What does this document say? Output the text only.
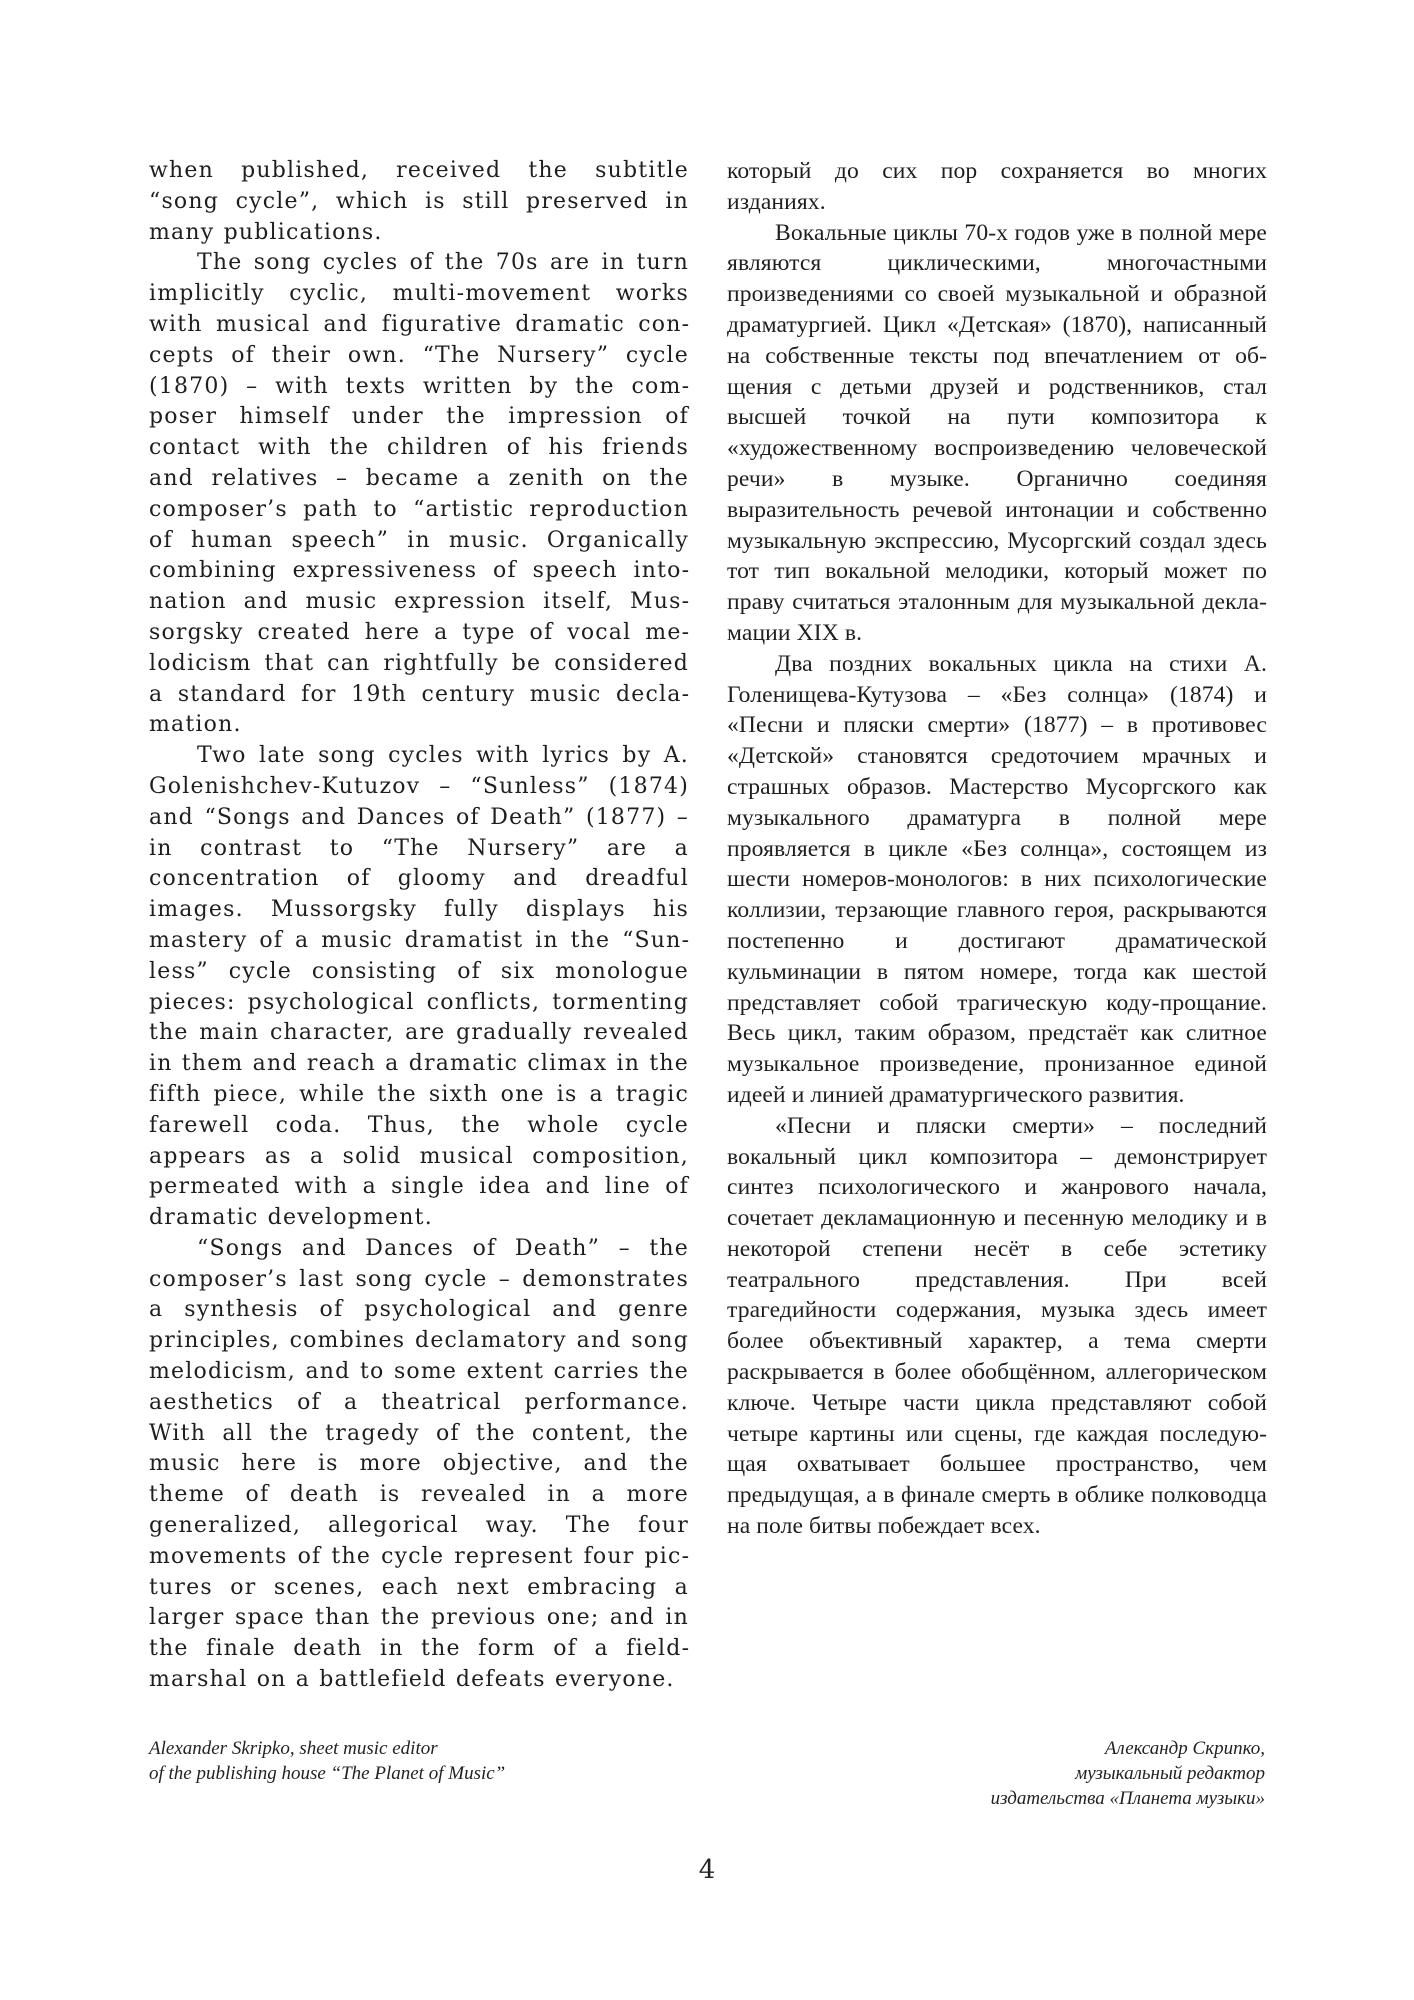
when published, received the subtitle “song cycle”, which is still preserved in many publications.

The song cycles of the 70s are in turn implicitly cyclic, multi-movement works with musical and figurative dramatic concepts of their own. “The Nursery” cycle (1870) – with texts written by the composer himself under the impression of contact with the children of his friends and relatives – became a zenith on the composer’s path to “artistic reproduction of human speech” in music. Organically combining expressiveness of speech intonation and music expression itself, Mussorgsky created here a type of vocal melodicism that can rightfully be considered a standard for 19th century music declamation.

Two late song cycles with lyrics by A. Golenishchev-Kutuzov – “Sunless” (1874) and “Songs and Dances of Death” (1877) – in contrast to “The Nursery” are a concentration of gloomy and dreadful images. Mussorgsky fully displays his mastery of a music dramatist in the “Sunless” cycle consisting of six monologue pieces: psychological conflicts, tormenting the main character, are gradually revealed in them and reach a dramatic climax in the fifth piece, while the sixth one is a tragic farewell coda. Thus, the whole cycle appears as a solid musical composition, permeated with a single idea and line of dramatic development.

“Songs and Dances of Death” – the composer’s last song cycle – demonstrates a synthesis of psychological and genre principles, combines declamatory and song melodicism, and to some extent carries the aesthetics of a theatrical performance. With all the tragedy of the content, the music here is more objective, and the theme of death is revealed in a more generalized, allegorical way. The four movements of the cycle represent four pictures or scenes, each next embracing a larger space than the previous one; and in the finale death in the form of a fieldmarshal on a battlefield defeats everyone.

который до сих пор сохраняется во многих изданиях.

Вокальные циклы 70-х годов уже в полной мере являются циклическими, многочастными произведениями со своей музыкальной и образной драматургией. Цикл «Детская» (1870), написанный на собственные тексты под впечатлением от общения с детьми друзей и родственников, стал высшей точкой на пути композитора к «художественному воспроизведению человеческой речи» в музыке. Органично соединяя выразительность речевой интонации и собственно музыкальную экспрессию, Мусоргский создал здесь тот тип вокальной мелодики, который может по праву считаться эталонным для музыкальной декламации XIX в.

Два поздних вокальных цикла на стихи А. Голенищева-Кутузова – «Без солнца» (1874) и «Песни и пляски смерти» (1877) – в противовес «Детской» становятся средоточием мрачных и страшных образов. Мастерство Мусоргского как музыкального драматурга в полной мере проявляется в цикле «Без солнца», состоящем из шести номеров-монологов: в них психологические коллизии, терзающие главного героя, раскрываются постепенно и достигают драматической кульминации в пятом номере, тогда как шестой представляет собой трагическую коду-прощание. Весь цикл, таким образом, предстаёт как слитное музыкальное произведение, пронизанное единой идеей и линией драматургического развития.

«Песни и пляски смерти» – последний вокальный цикл композитора – демонстрирует синтез психологического и жанрового начала, сочетает декламационную и песенную мелодику и в некоторой степени несёт в себе эстетику театрального представления. При всей трагедийности содержания, музыка здесь имеет более объективный характер, а тема смерти раскрывается в более обобщённом, аллегорическом ключе. Четыре части цикла представляют собой четыре картины или сцены, где каждая последующая охватывает большее пространство, чем предыдущая, а в финале смерть в облике полководца на поле битвы побеждает всех.

Alexander Skripko, sheet music editor
of the publishing house “The Planet of Music”
Александр Скрипко,
музыкальный редактор
издательства «Планета музыки»
4
